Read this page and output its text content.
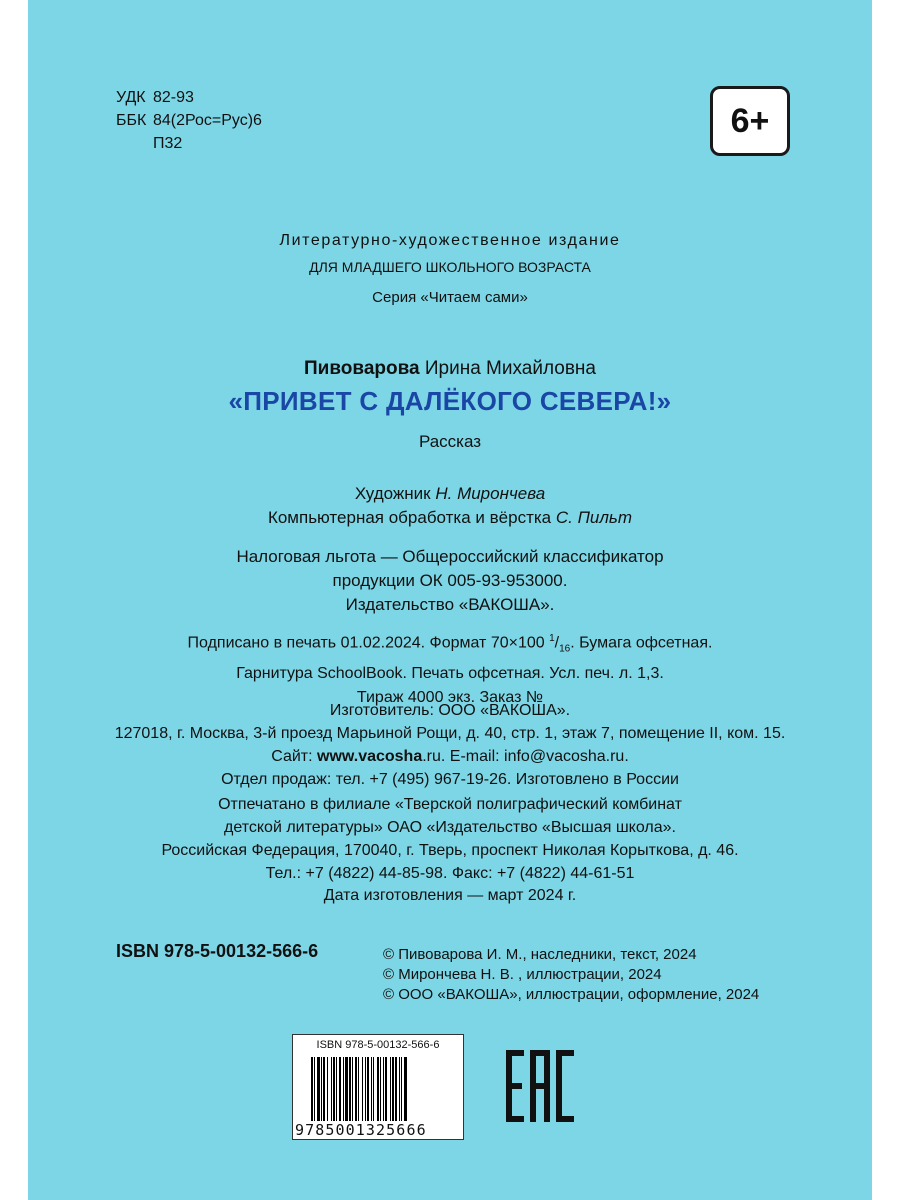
УДК 82-93
ББК 84(2Рос=Рус)6
П32
6+
Литературно-художественное издание
ДЛЯ МЛАДШЕГО ШКОЛЬНОГО ВОЗРАСТА
Серия «Читаем сами»
Пивоварова Ирина Михайловна
«ПРИВЕТ С ДАЛЁКОГО СЕВЕРА!»
Рассказ
Художник Н. Мирончева
Компьютерная обработка и вёрстка С. Пильт
Налоговая льгота — Общероссийский классификатор
продукции ОК 005-93-953000.
Издательство «ВАКОША».
Подписано в печать 01.02.2024. Формат 70×100 $^1/_{16}$. Бумага офсетная.
Гарнитура SchoolBook. Печать офсетная. Усл. печ. л. 1,3.
Тираж 4000 экз. Заказ №
Изготовитель: ООО «ВАКОША».
127018, г. Москва, 3-й проезд Марьиной Рощи, д. 40, стр. 1, этаж 7, помещение II, ком. 15.
Сайт: www.vacosha.ru. E-mail: info@vacosha.ru.
Отдел продаж: тел. +7 (495) 967-19-26. Изготовлено в России
Отпечатано в филиале «Тверской полиграфический комбинат
детской литературы» ОАО «Издательство «Высшая школа».
Российская Федерация, 170040, г. Тверь, проспект Николая Корыткова, д. 46.
Тел.: +7 (4822) 44-85-98. Факс: +7 (4822) 44-61-51
Дата изготовления — март 2024 г.
ISBN 978-5-00132-566-6	© Пивоварова И. М., наследники, текст, 2024
© Мирончева Н. В. , иллюстрации, 2024
© ООО «ВАКОША», иллюстрации, оформление, 2024
ISBN 978-5-00132-566-6
9785001325666
